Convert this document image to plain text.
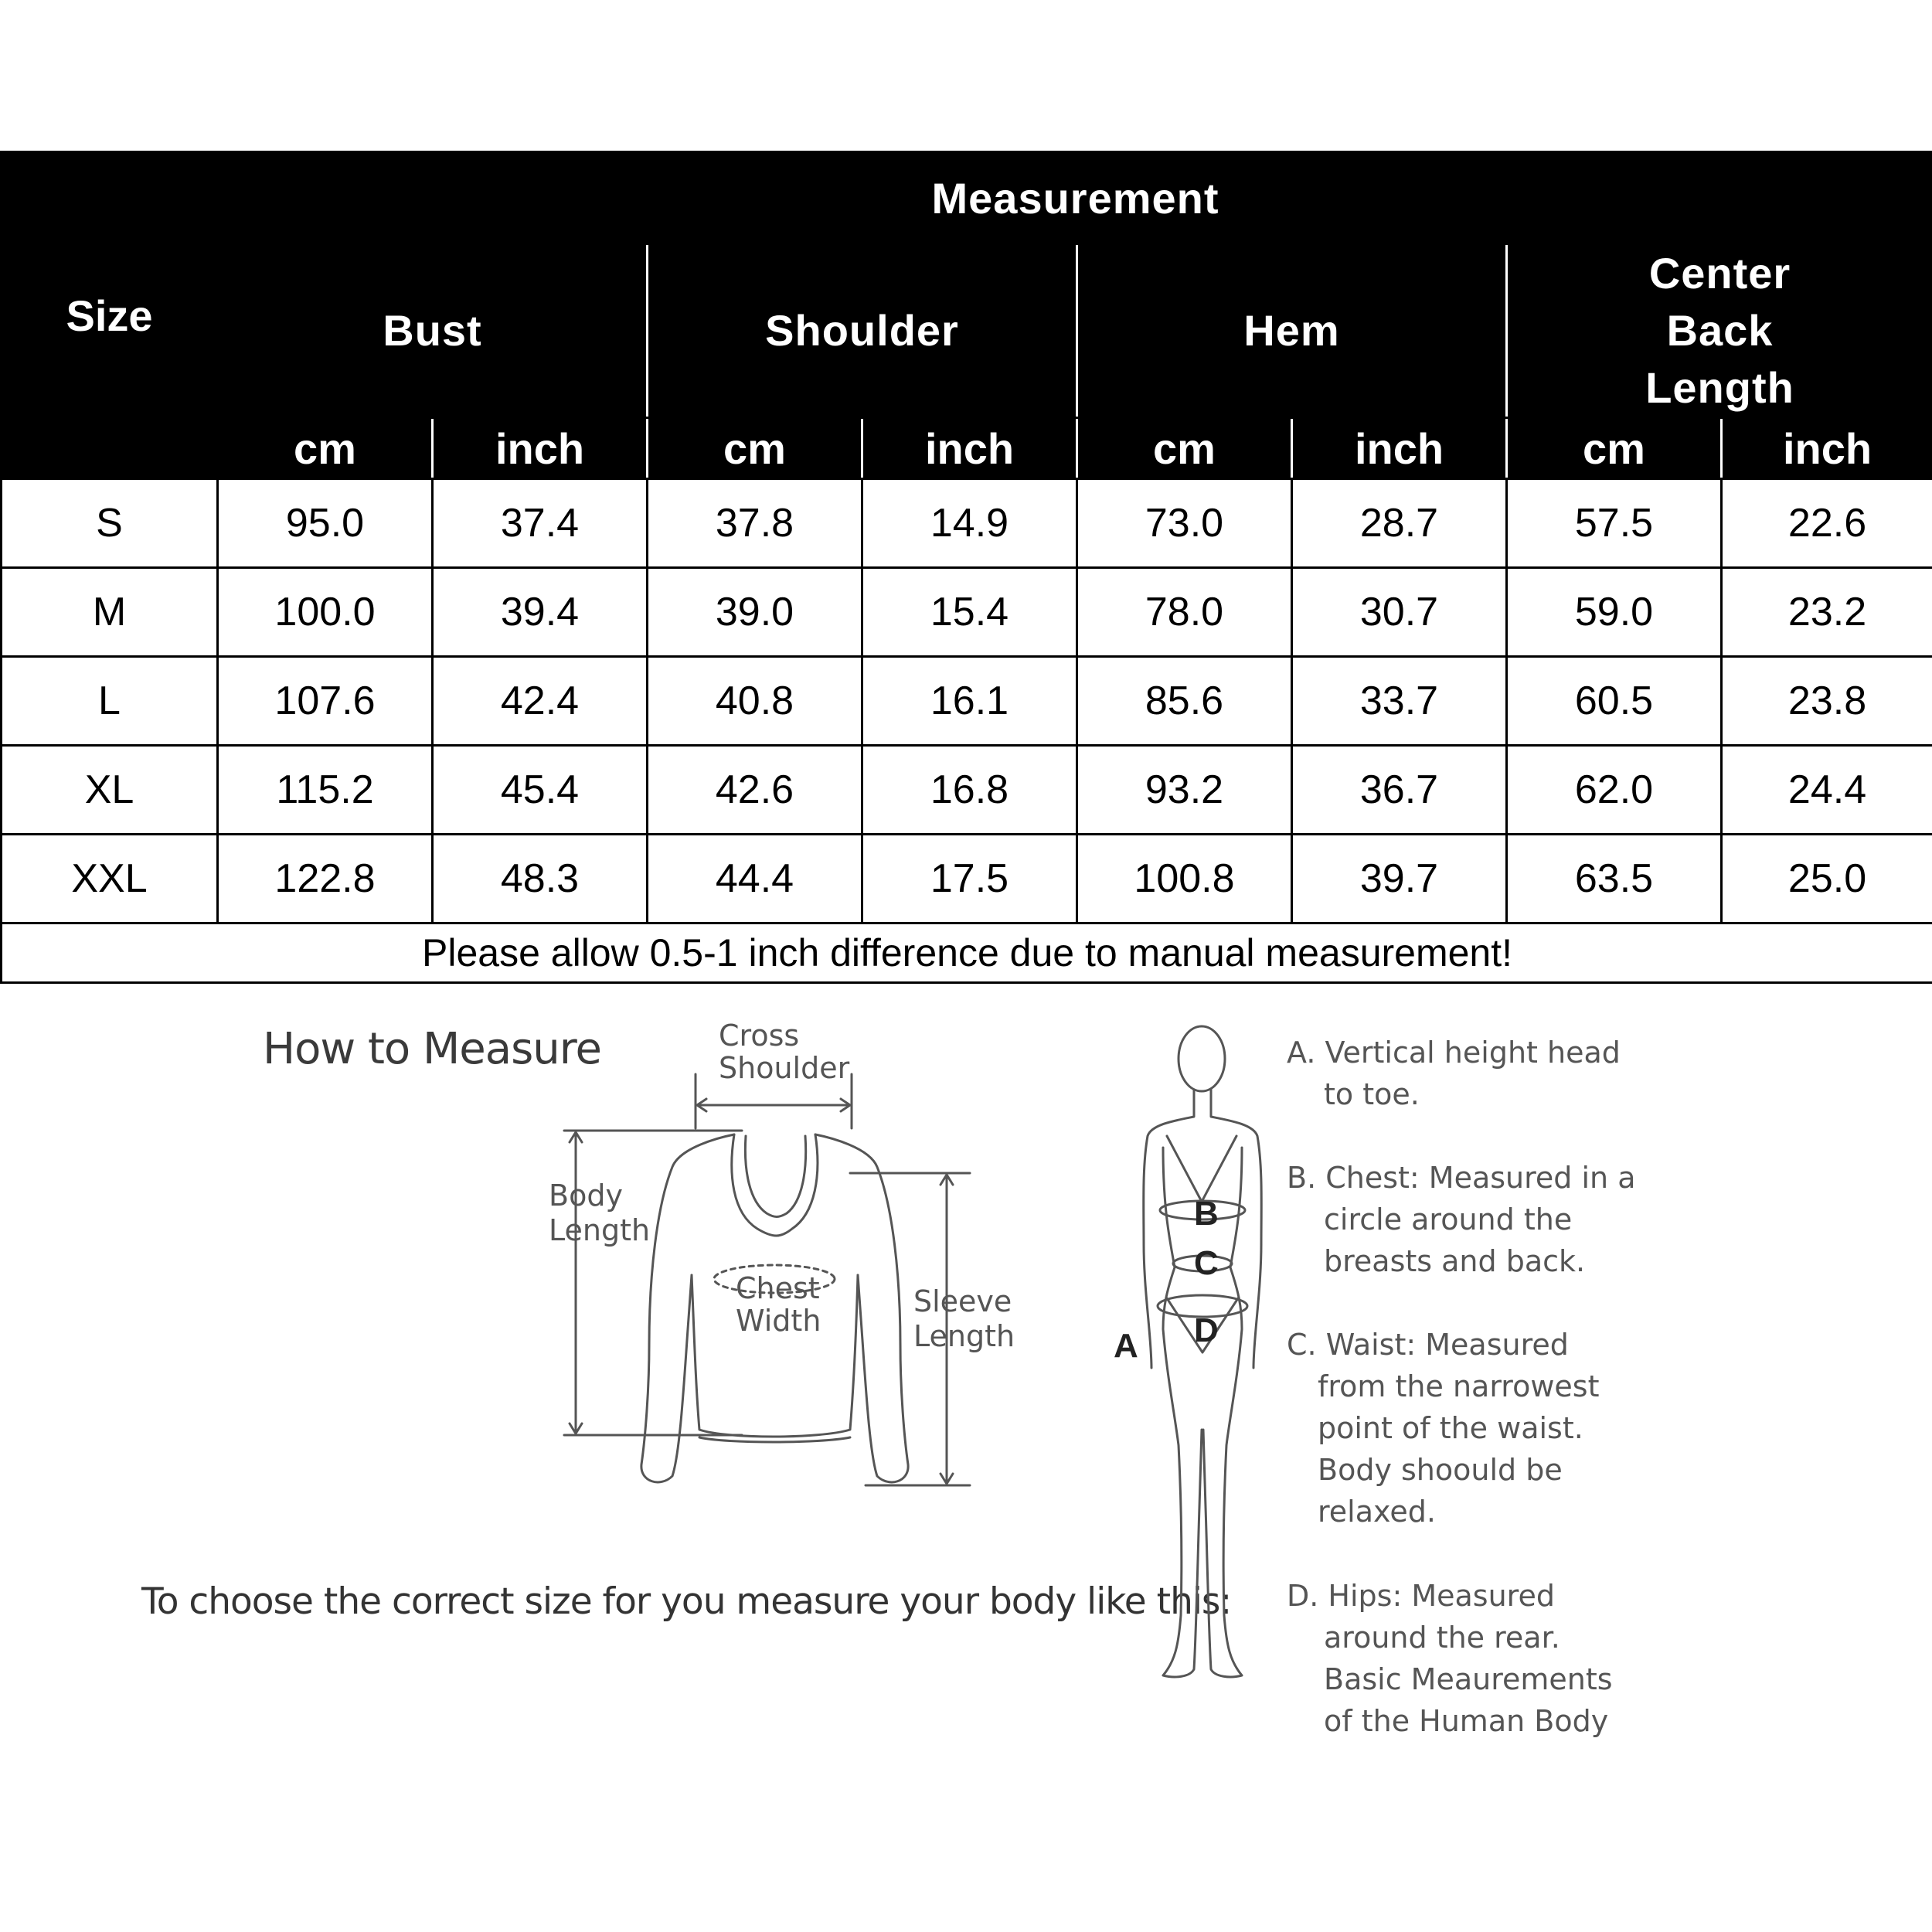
Size	Measurement							
	Bust		Shoulder		Hem		Center Back Length	

	cm	inch	cm	inch	cm	inch	cm	inch
S	95.0	37.4	37.8	14.9	73.0	28.7	57.5	22.6
M	100.0	39.4	39.0	15.4	78.0	30.7	59.0	23.2
L	107.6	42.4	40.8	16.1	85.6	33.7	60.5	23.8
XL	115.2	45.4	42.6	16.8	93.2	36.7	62.0	24.4
XXL	122.8	48.3	44.4	17.5	100.8	39.7	63.5	25.0
Please allow 0.5-1 inch difference due to manual measurement!								
How to Measure
To choose the correct size for you measure your body like this:
Cross
Shoulder
Body
Length
Chest
Width
Sleeve
Length	A
B
C
D
A. Vertical height head
to toe.
B. Chest: Measured in a
circle around the
breasts and back.
C. Waist: Measured
from the narrowest
point of the waist.
Body shoould be
relaxed.
D. Hips: Measured
around the rear.
Basic Meaurements
of the Human Body
